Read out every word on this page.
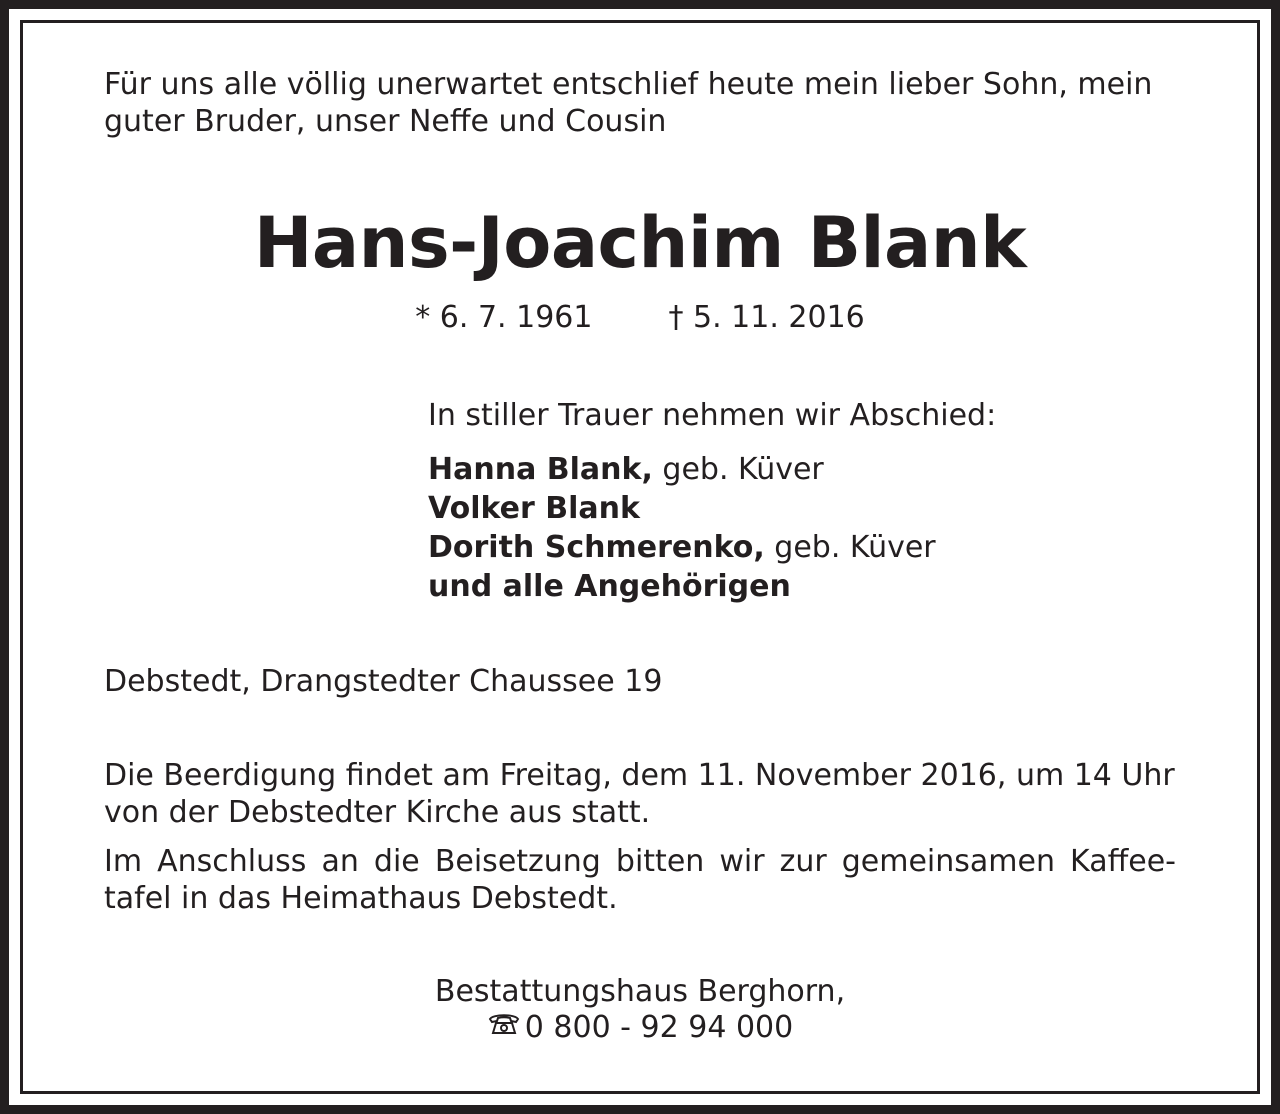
Für uns alle völlig unerwartet entschlief heute mein lieber Sohn, mein
guter Bruder, unser Neffe und Cousin
Hans-Joachim Blank
* 6. 7. 1961	† 5. 11. 2016
In stiller Trauer nehmen wir Abschied:
Hanna Blank, geb. Küver
Volker Blank
Dorith Schmerenko, geb. Küver
und alle Angehörigen
Debstedt, Drangstedter Chaussee 19
Die Beerdigung findet am Freitag, dem 11. November 2016, um 14 Uhr
von der Debstedter Kirche aus statt.

Im Anschluss an die Beisetzung bitten wir zur gemeinsamen Kaffee- tafel in das Heimathaus Debstedt.

Bestattungshaus Berghorn,
0 800 - 92 94 000
